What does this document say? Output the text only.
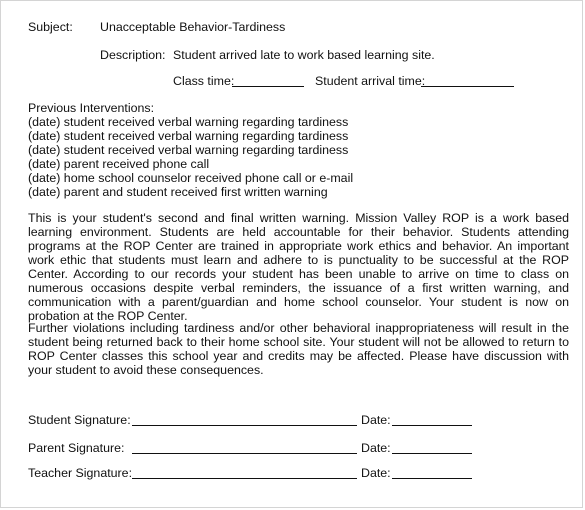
Subject: Unacceptable Behavior-Tardiness
Description: Student arrived late to work based learning site.
Class time:	Student arrival time:
Previous Interventions:
(date) student received verbal warning regarding tardiness
(date) student received verbal warning regarding tardiness
(date) student received verbal warning regarding tardiness
(date) parent received phone call
(date) home school counselor received phone call or e-mail
(date) parent and student received first written warning
This is your student's second and final written warning. Mission Valley ROP is a work based learning environment. Students are held accountable for their behavior. Students attending programs at the ROP Center are trained in appropriate work ethics and behavior. An important work ethic that students must learn and adhere to is punctuality to be successful at the ROP Center. According to our records your student has been unable to arrive on time to class on numerous occasions despite verbal reminders, the issuance of a first written warning, and communication with a parent/guardian and home school counselor. Your student is now on probation at the ROP Center.
Further violations including tardiness and/or other behavioral inappropriateness will result in the student being returned back to their home school site. Your student will not be allowed to return to ROP Center classes this school year and credits may be affected. Please have discussion with your student to avoid these consequences.
Student Signature:	Date:
Parent Signature:	Date:
Teacher Signature:	Date:
